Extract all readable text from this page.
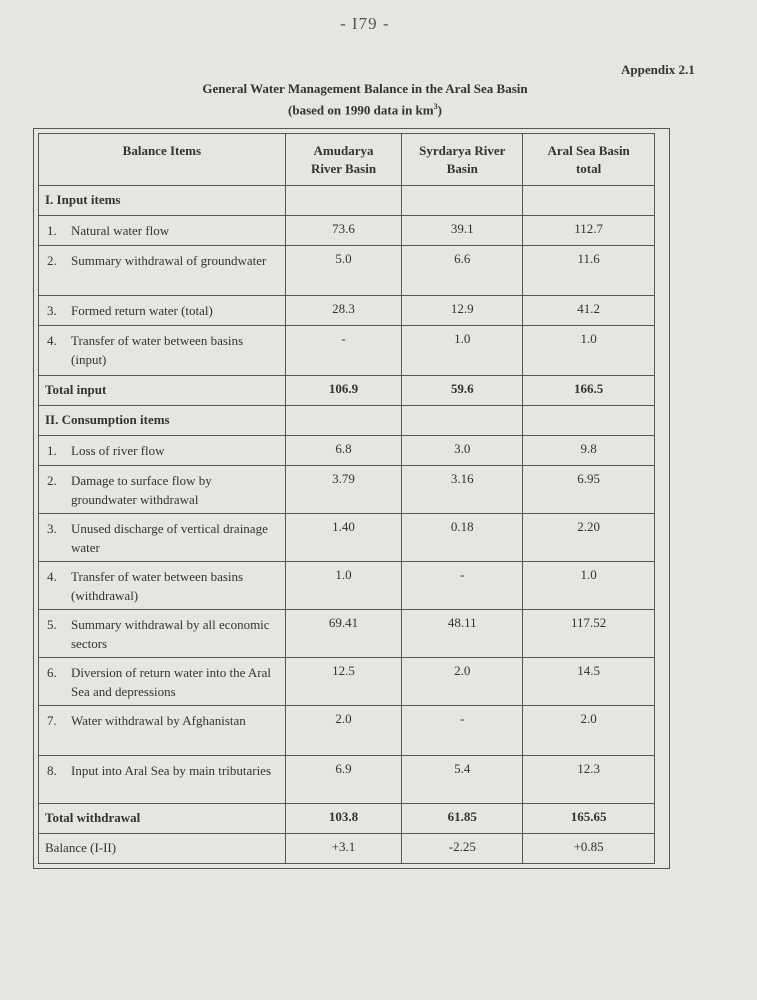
- I79 -
Appendix 2.1
General Water Management Balance in the Aral Sea Basin
(based on 1990 data in $km^3$)
Balance Items	Amudarya River Basin	Syrdarya River Basin	Aral Sea Basin total

I. Input items			
1. Natural water flow	73.6	39.1	112.7
2. Summary withdrawal of groundwater	5.0	6.6	11.6
3. Formed return water (total)	28.3	12.9	41.2
4. Transfer of water between basins (input)	-	1.0	1.0
Total input	106.9	59.6	166.5
II. Consumption items			
1. Loss of river flow	6.8	3.0	9.8
2. Damage to surface flow by groundwater withdrawal	3.79	3.16	6.95
3. Unused discharge of vertical drainage water	1.40	0.18	2.20
4. Transfer of water between basins (withdrawal)	1.0	-	1.0
5. Summary withdrawal by all economic sectors	69.41	48.11	117.52
6. Diversion of return water into the Aral Sea and depressions	12.5	2.0	14.5
7. Water withdrawal by Afghanistan	2.0	-	2.0
8. Input into Aral Sea by main tributaries	6.9	5.4	12.3
Total withdrawal	103.8	61.85	165.65
Balance (I-II)	+3.1	-2.25	+0.85
